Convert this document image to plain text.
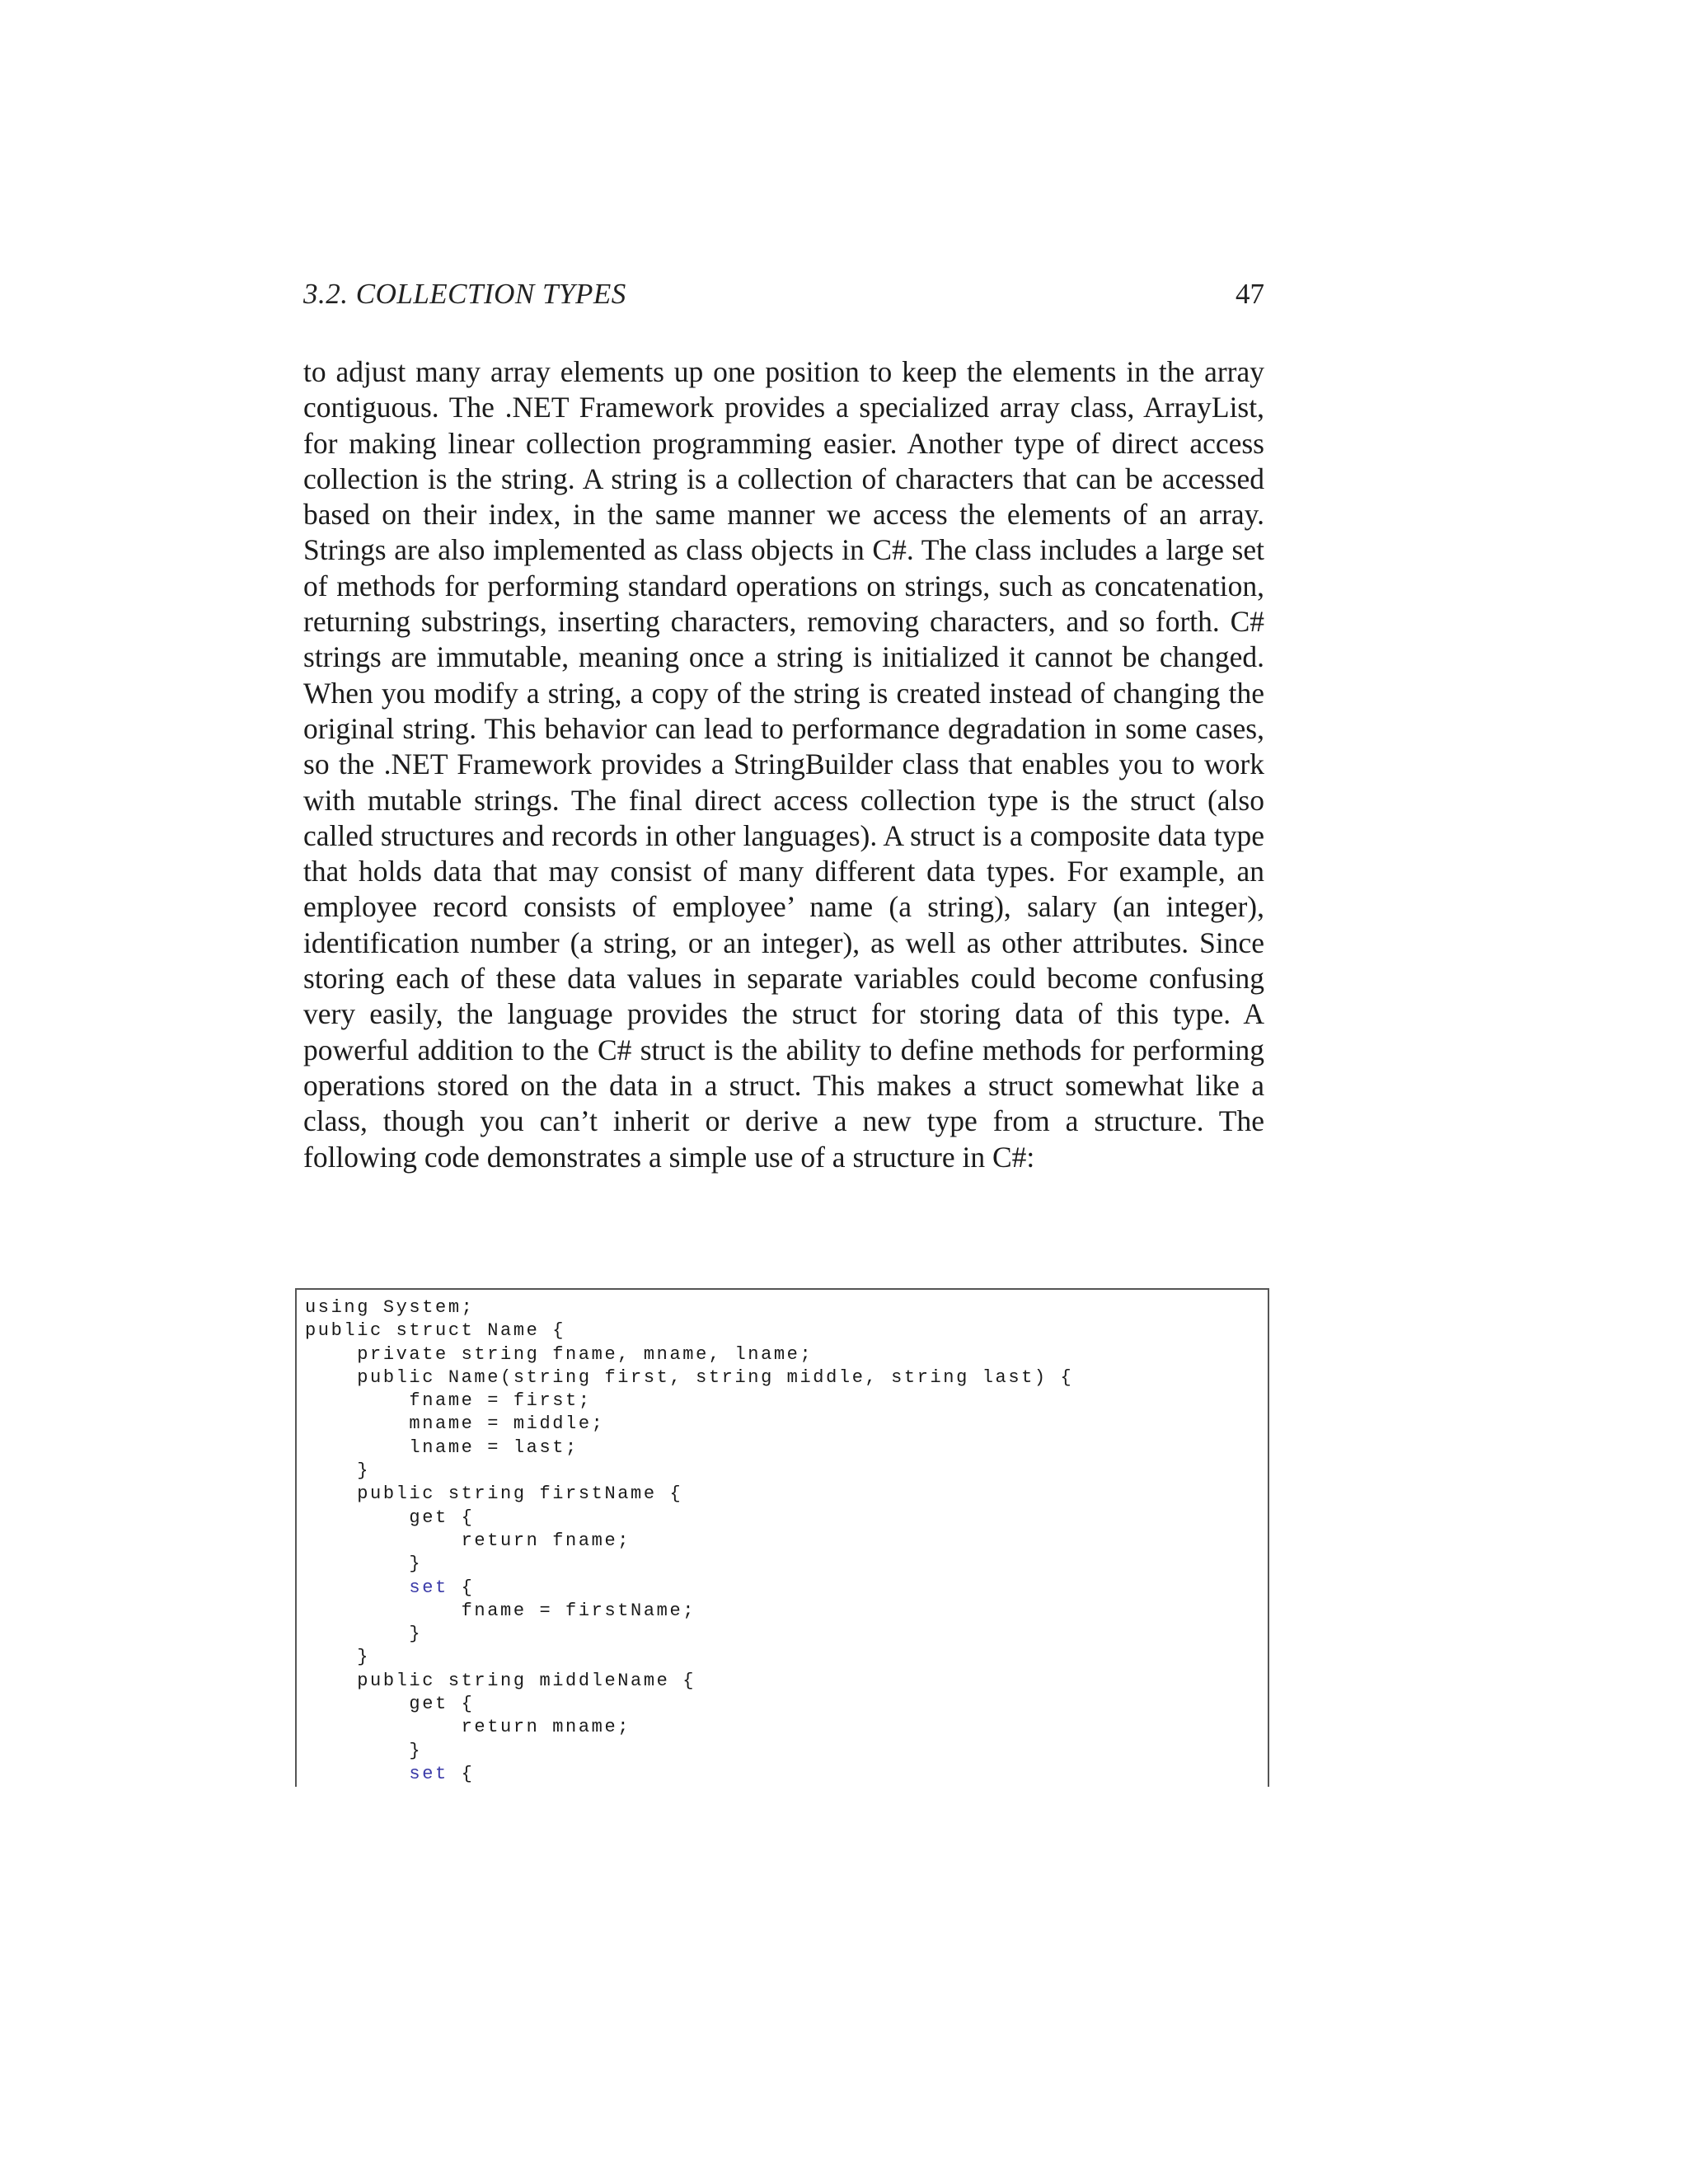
3.2. COLLECTION TYPES	47

to adjust many array elements up one position to keep the elements in the array contiguous. The .NET Framework provides a specialized array class, ArrayList, for making linear collection programming easier. Another type of direct access collection is the string. A string is a collection of characters that can be accessed based on their index, in the same manner we access the elements of an array. Strings are also implemented as class objects in C#. The class includes a large set of methods for performing standard operations on strings, such as concatenation, returning substrings, inserting characters, removing characters, and so forth. C# strings are immutable, meaning once a string is initialized it cannot be changed. When you modify a string, a copy of the string is created instead of changing the original string. This behavior can lead to performance degradation in some cases, so the .NET Framework provides a StringBuilder class that enables you to work with mutable strings. The final direct access collection type is the struct (also called structures and records in other languages). A struct is a composite data type that holds data that may consist of many different data types. For example, an employee record consists of employee’ name (a string), salary (an integer), identification number (a string, or an integer), as well as other attributes. Since storing each of these data values in separate variables could become confusing very easily, the language provides the struct for storing data of this type. A powerful addition to the C# struct is the ability to define methods for performing operations stored on the data in a struct. This makes a struct somewhat like a class, though you can’t inherit or derive a new type from a structure. The following code demonstrates a simple use of a structure in C#:

using System;
public struct Name {
private string fname, mname, lname;
public Name(string first, string middle, string last) {
fname = first;
mname = middle;
lname = last;
}
public string firstName {
get {
return fname;
}
set {
fname = firstName;
}
}
public string middleName {
get {
return mname;
}
set {
